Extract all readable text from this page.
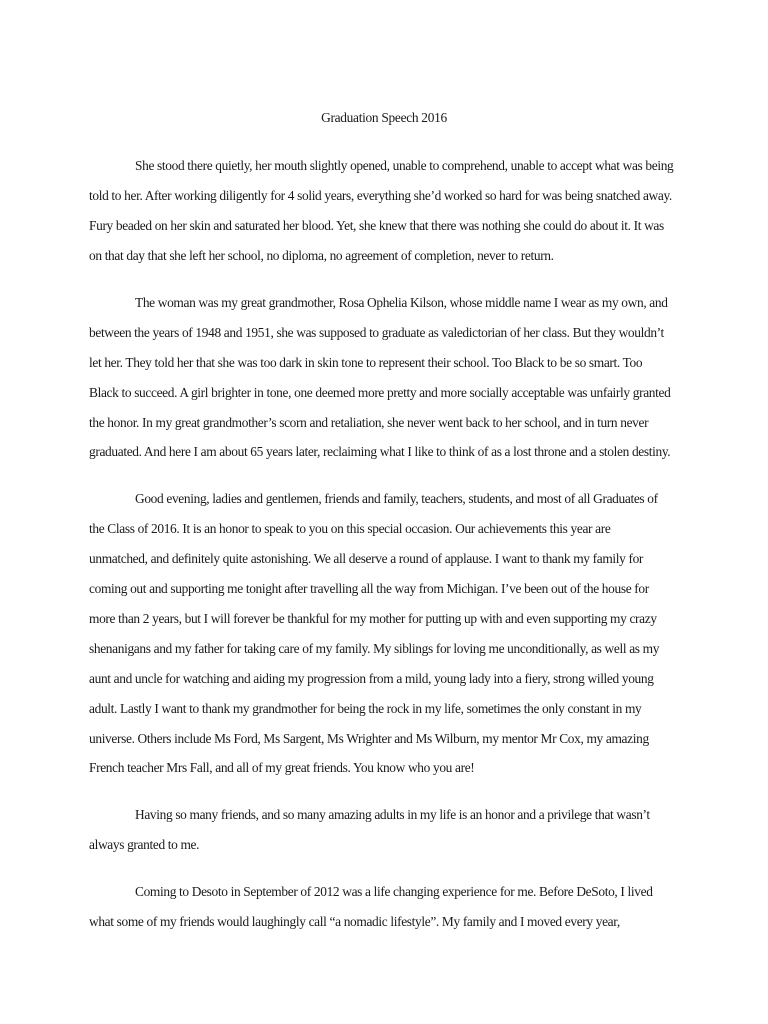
Graduation Speech 2016
She stood there quietly, her mouth slightly opened, unable to comprehend, unable to accept what was being
told to her. After working diligently for 4 solid years, everything she’d worked so hard for was being snatched away.
Fury beaded on her skin and saturated her blood. Yet, she knew that there was nothing she could do about it. It was
on that day that she left her school, no diploma, no agreement of completion, never to return.
The woman was my great grandmother, Rosa Ophelia Kilson, whose middle name I wear as my own, and
between the years of 1948 and 1951, she was supposed to graduate as valedictorian of her class. But they wouldn’t
let her. They told her that she was too dark in skin tone to represent their school. Too Black to be so smart. Too
Black to succeed. A girl brighter in tone, one deemed more pretty and more socially acceptable was unfairly granted
the honor. In my great grandmother’s scorn and retaliation, she never went back to her school, and in turn never
graduated. And here I am about 65 years later, reclaiming what I like to think of as a lost throne and a stolen destiny.
Good evening, ladies and gentlemen, friends and family, teachers, students, and most of all Graduates of
the Class of 2016. It is an honor to speak to you on this special occasion. Our achievements this year are
unmatched, and definitely quite astonishing. We all deserve a round of applause. I want to thank my family for
coming out and supporting me tonight after travelling all the way from Michigan. I’ve been out of the house for
more than 2 years, but I will forever be thankful for my mother for putting up with and even supporting my crazy
shenanigans and my father for taking care of my family. My siblings for loving me unconditionally, as well as my
aunt and uncle for watching and aiding my progression from a mild, young lady into a fiery, strong willed young
adult. Lastly I want to thank my grandmother for being the rock in my life, sometimes the only constant in my
universe. Others include Ms Ford, Ms Sargent, Ms Wrighter and Ms Wilburn, my mentor Mr Cox, my amazing
French teacher Mrs Fall, and all of my great friends. You know who you are!
Having so many friends, and so many amazing adults in my life is an honor and a privilege that wasn’t
always granted to me.
Coming to Desoto in September of 2012 was a life changing experience for me. Before DeSoto, I lived
what some of my friends would laughingly call “a nomadic lifestyle”. My family and I moved every year,
